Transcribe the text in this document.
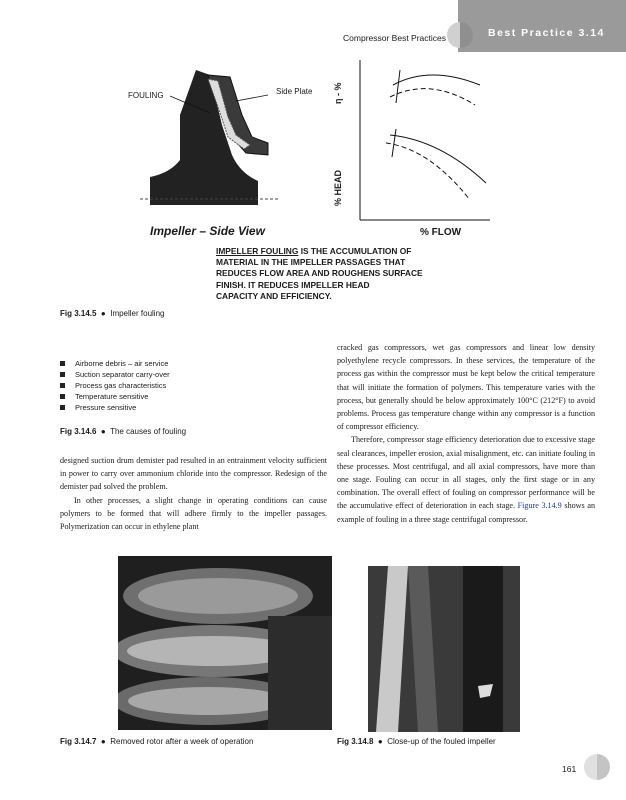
Compressor Best Practices	Best Practice 3.14
FOULING	Side Plate η - %
% HEAD
% FLOW
Impeller – Side View
IMPELLER FOULING IS THE ACCUMULATION OF
MATERIAL IN THE IMPELLER PASSAGES THAT
REDUCES FLOW AREA AND ROUGHENS SURFACE
FINISH. IT REDUCES IMPELLER HEAD
CAPACITY AND EFFICIENCY.
Fig 3.14.5  ●  Impeller fouling
Airborne debris – air service
Suction separator carry-over
Process gas characteristics
Temperature sensitive
Pressure sensitive
Fig 3.14.6  ●  The causes of fouling

designed suction drum demister pad resulted in an entrainment velocity sufficient in power to carry over ammonium chloride into the compressor. Redesign of the demister pad solved the problem.

In other processes, a slight change in operating conditions can cause polymers to be formed that will adhere firmly to the impeller passages. Polymerization can occur in ethylene plant

cracked gas compressors, wet gas compressors and linear low density polyethylene recycle compressors. In these services, the temperature of the process gas within the compressor must be kept below the critical temperature that will initiate the formation of polymers. This temperature varies with the process, but generally should be below approximately 100°C (212°F) to avoid problems. Process gas temperature change within any compressor is a function of compressor efficiency.

Therefore, compressor stage efficiency deterioration due to excessive stage seal clearances, impeller erosion, axial misalignment, etc. can initiate fouling in these processes. Most centrifugal, and all axial compressors, have more than one stage. Fouling can occur in all stages, only the first stage or in any combination. The overall effect of fouling on compressor performance will be the accumulative effect of deterioration in each stage. Figure 3.14.9 shows an example of fouling in a three stage centrifugal compressor.

Fig 3.14.7  ●  Removed rotor after a week of operation	Fig 3.14.8  ●  Close-up of the fouled impeller
161
